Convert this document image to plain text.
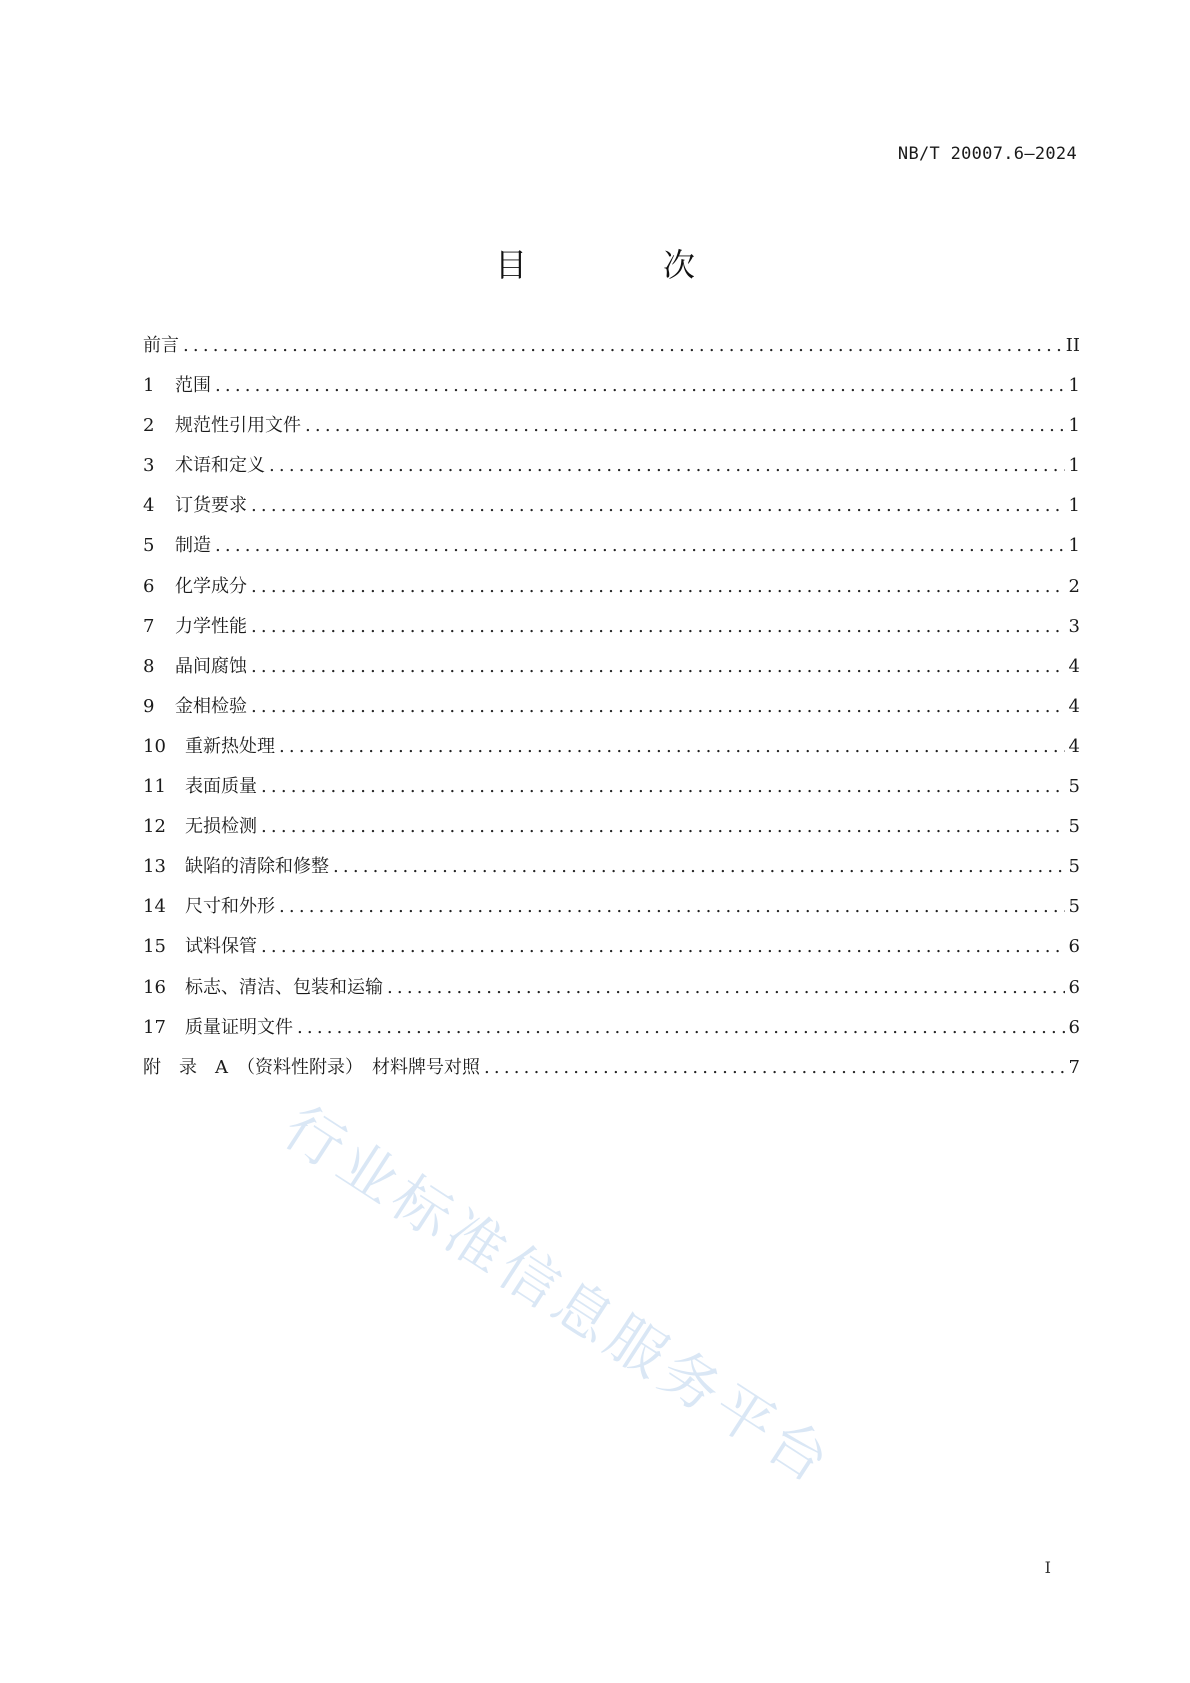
NB/T 20007.6—2024
目　次
前言 .....	II
1	范围 .....	1
2	规范性引用文件 .....	1
3	术语和定义 .....	1
4	订货要求 .....	1
5	制造 .....	1
6	化学成分 .....	2
7	力学性能 .....	3
8	晶间腐蚀 .....	4
9	金相检验 .....	4
10	重新热处理 .....	4
11	表面质量 .....	5
12	无损检测 .....	5
13	缺陷的清除和修整 .....	5
14	尺寸和外形 .....	5
15	试料保管 .....	6
16	标志、清洁、包装和运输 .....	6
17	质量证明文件 .....	6
附　录　A　（资料性附录）　材料牌号对照 .....	7
行业标准信息服务平台
I
